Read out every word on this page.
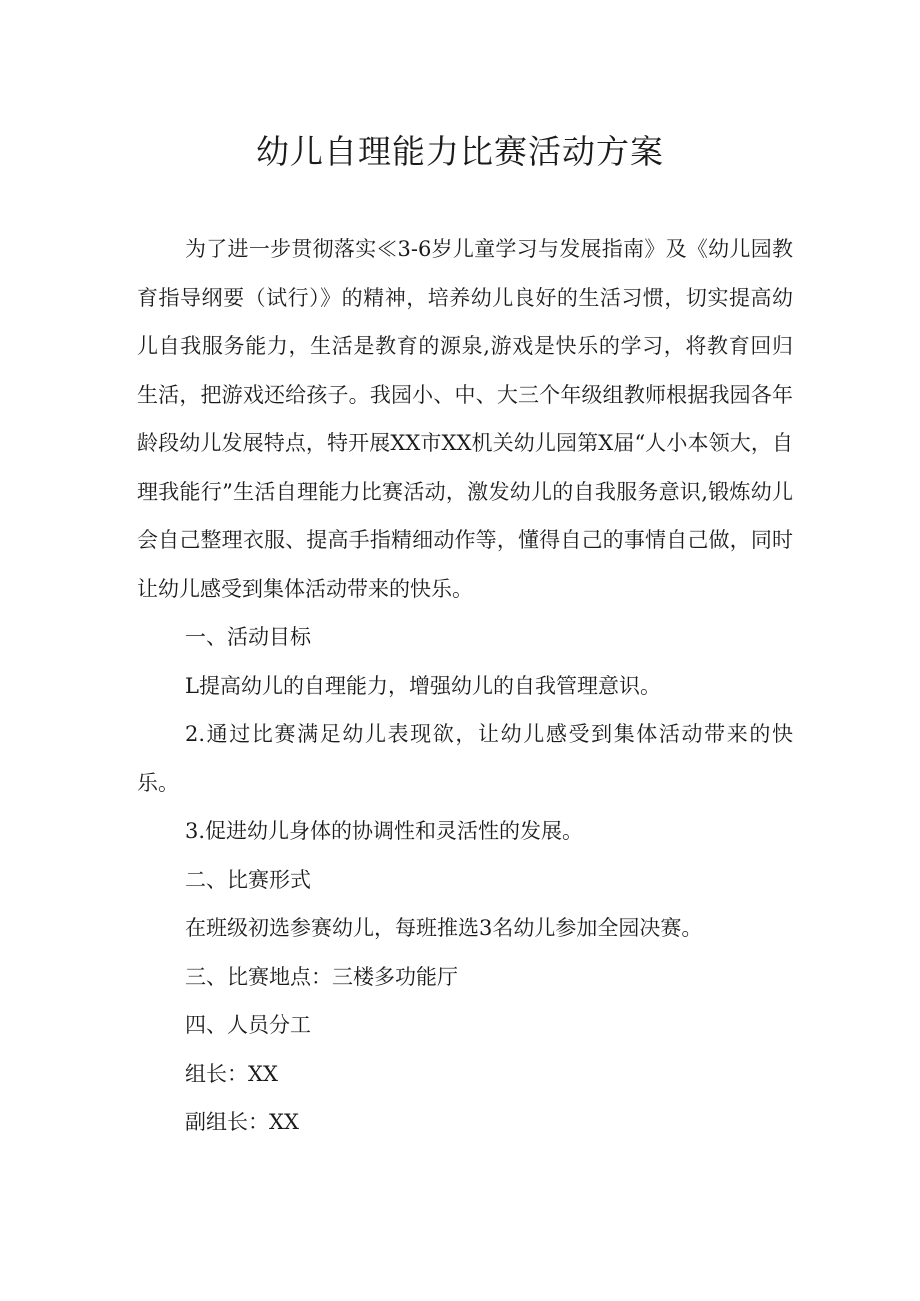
幼儿自理能力比赛活动方案

为了进一步贯彻落实≪3-6岁儿童学习与发展指南》及《幼儿园教育指导纲要（试行）》的精神，培养幼儿良好的生活习惯，切实提高幼儿自我服务能力，生活是教育的源泉,游戏是快乐的学习，将教育回归生活，把游戏还给孩子。我园小、中、大三个年级组教师根据我园各年龄段幼儿发展特点，特开展XX市XX机关幼儿园第X届“人小本领大，自理我能行”生活自理能力比赛活动，激发幼儿的自我服务意识,锻炼幼儿会自己整理衣服、提高手指精细动作等，懂得自己的事情自己做，同时让幼儿感受到集体活动带来的快乐。

一、活动目标

L提高幼儿的自理能力，增强幼儿的自我管理意识。

2.通过比赛满足幼儿表现欲，让幼儿感受到集体活动带来的快乐。

3.促进幼儿身体的协调性和灵活性的发展。

二、比赛形式

在班级初选参赛幼儿，每班推选3名幼儿参加全园决赛。

三、比赛地点：三楼多功能厅

四、人员分工

组长：XX

副组长：XX
